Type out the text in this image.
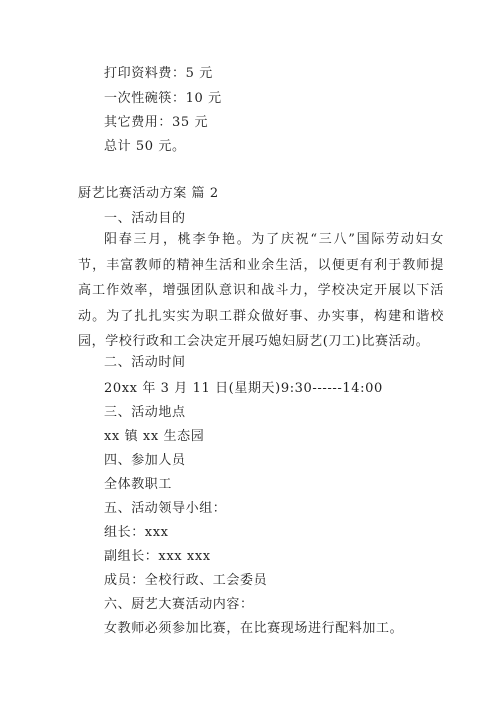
打印资料费：5 元
一次性碗筷：10 元
其它费用：35 元
总计 50 元。
厨艺比赛活动方案 篇 2
一、活动目的
阳春三月，桃李争艳。为了庆祝“三八”国际劳动妇女节，丰富教师的精神生活和业余生活，以便更有利于教师提高工作效率，增强团队意识和战斗力，学校决定开展以下活动。为了扎扎实实为职工群众做好事、办实事，构建和谐校园，学校行政和工会决定开展巧媳妇厨艺(刀工)比赛活动。
二、活动时间
20xx 年 3 月 11 日(星期天)9:30------14:00
三、活动地点
xx 镇 xx 生态园
四、参加人员
全体教职工
五、活动领导小组：
组长：xxx
副组长：xxx xxx
成员：全校行政、工会委员
六、厨艺大赛活动内容：
女教师必须参加比赛，在比赛现场进行配料加工。
